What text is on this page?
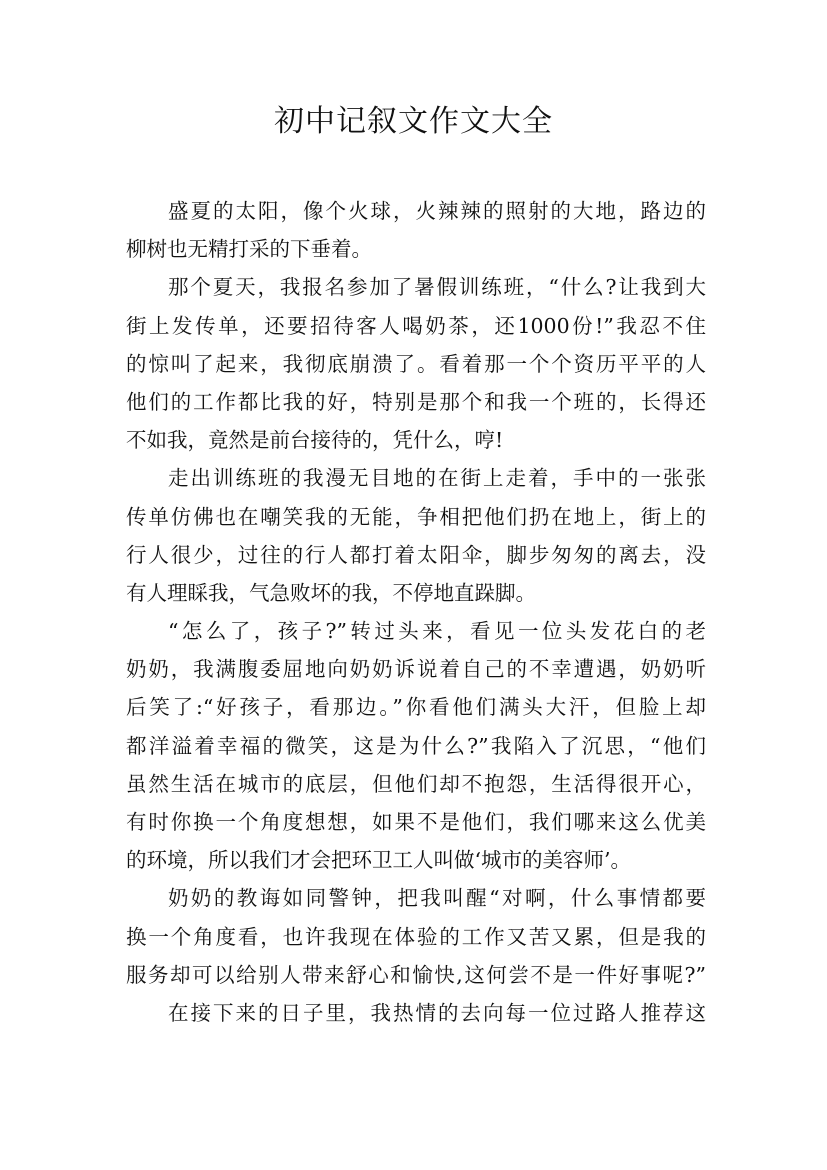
初中记叙文作文大全
盛夏的太阳，像个火球，火辣辣的照射的大地，路边的
柳树也无精打采的下垂着。
那个夏天，我报名参加了暑假训练班，“什么?让我到大
街上发传单，还要招待客人喝奶茶，还1000份!”我忍不住
的惊叫了起来，我彻底崩溃了。看着那一个个资历平平的人
他们的工作都比我的好，特别是那个和我一个班的，长得还
不如我，竟然是前台接待的，凭什么，哼!
走出训练班的我漫无目地的在街上走着，手中的一张张
传单仿佛也在嘲笑我的无能，争相把他们扔在地上，街上的
行人很少，过往的行人都打着太阳伞，脚步匆匆的离去，没
有人理睬我，气急败坏的我，不停地直跺脚。
“怎么了，孩子?”转过头来，看见一位头发花白的老
奶奶，我满腹委屈地向奶奶诉说着自己的不幸遭遇，奶奶听
后笑了:“好孩子，看那边。”你看他们满头大汗，但脸上却
都洋溢着幸福的微笑，这是为什么?”我陷入了沉思，“他们
虽然生活在城市的底层，但他们却不抱怨，生活得很开心，
有时你换一个角度想想，如果不是他们，我们哪来这么优美
的环境，所以我们才会把环卫工人叫做‘城市的美容师’。
奶奶的教诲如同警钟，把我叫醒“对啊，什么事情都要
换一个角度看，也许我现在体验的工作又苦又累，但是我的
服务却可以给别人带来舒心和愉快,这何尝不是一件好事呢?”
在接下来的日子里，我热情的去向每一位过路人推荐这
